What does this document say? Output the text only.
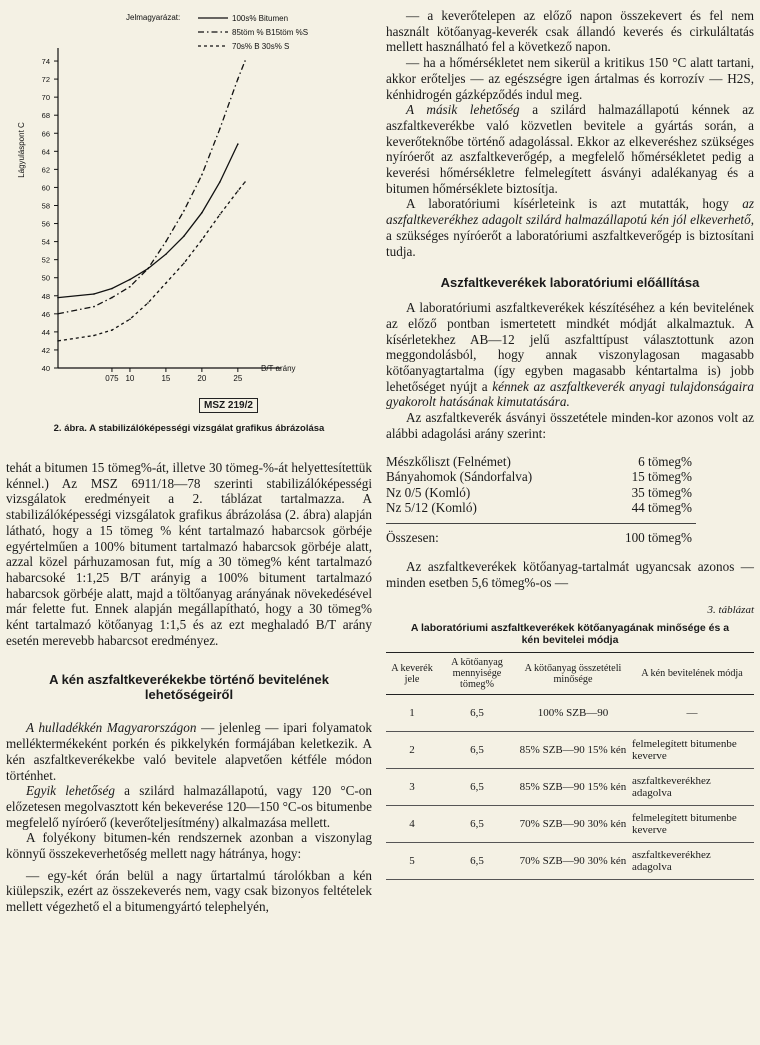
40
42
44
46
48
50
52
54
56
58
60
62
64
66
68
70
72
74
075 10	15	20	25
Lágyuláspont C
B/T arány
Jelmagyarázat:	100s% Bitumen
85töm % B15töm %S
70s% B 30s% S
MSZ 219/2
2. ábra. A stabilizálóképességi vizsgálat grafikus ábrázolása

tehát a bitumen 15 tömeg%-át, illetve 30 tömeg-%-át helyettesítettük kénnel.) Az MSZ 6911/18—78 szerinti stabilizálóképességi vizsgálatok eredményeit a 2. táblázat tartalmazza. A stabilizálóképességi vizsgálatok grafikus ábrázolása (2. ábra) alapján látható, hogy a 15 tömeg % ként tartalmazó habarcsok görbéje egyértelműen a 100% bitument tartalmazó habarcsok görbéje alatt, azzal közel párhuzamosan fut, míg a 30 tömeg% ként tartalmazó habarcsoké 1:1,25 B/T arányig a 100% bitument tartalmazó habarcsok görbéje alatt, majd a töltőanyag arányának növekedésével már felette fut. Ennek alapján megállapítható, hogy a 30 tömeg% ként tartalmazó kötőanyag 1:1,5 és az ezt meghaladó B/T arány esetén merevebb habarcsot eredményez.

A kén aszfaltkeverékekbe történő bevitelének lehetőségeiről

A hulladékkén Magyarországon — jelenleg — ipari folyamatok melléktermékeként porkén és pikkelykén formájában keletkezik. A kén aszfaltkeverékekbe való bevitele alapvetően kétféle módon történhet.

Egyik lehetőség a szilárd halmazállapotú, vagy 120 °C-on előzetesen megolvasztott kén bekeverése 120—150 °C-os bitumenbe megfelelő nyíróerő (keverőteljesítmény) alkalmazása mellett.

A folyékony bitumen-kén rendszernek azonban a viszonylag könnyű összekeverhetőség mellett nagy hátránya, hogy:

— egy-két órán belül a nagy űrtartalmú tárolókban a kén kiülepszik, ezért az összekeverés nem, vagy csak bizonyos feltételek mellett végezhető el a bitumengyártó telephelyén,

— a keverőtelepen az előző napon összekevert és fel nem használt kötőanyag-keverék csak állandó keverés és cirkuláltatás mellett használható fel a következő napon.

— ha a hőmérsékletet nem sikerül a kritikus 150 °C alatt tartani, akkor erőteljes — az egészségre igen ártalmas és korrozív — H2S, kénhidrogén gázképződés indul meg.

A másik lehetőség a szilárd halmazállapotú kénnek az aszfaltkeverékbe való közvetlen bevitele a gyártás során, a keverőteknőbe történő adagolással. Ekkor az elkeveréshez szükséges nyíróerőt az aszfaltkeverőgép, a megfelelő hőmérsékletet pedig a keverési hőmérsékletre felmelegített ásványi adalékanyag és a bitumen hőmérséklete biztosítja.

A laboratóriumi kísérleteink is azt mutatták, hogy az aszfaltkeverékhez adagolt szilárd halmazállapotú kén jól elkeverhető, a szükséges nyíróerőt a laboratóriumi aszfaltkeverőgép is biztosítani tudja.

Aszfaltkeverékek laboratóriumi előállítása

A laboratóriumi aszfaltkeverékek készítéséhez a kén bevitelének az előző pontban ismertetett mindkét módját alkalmaztuk. A kísérletekhez AB—12 jelű aszfalttípust választottunk azon meggondolásból, hogy annak viszonylagosan magasabb kötőanyagtartalma (így egyben magasabb kéntartalma is) jobb lehetőséget nyújt a kénnek az aszfaltkeverék anyagi tulajdonságaira gyakorolt hatásának kimutatására.

Az aszfaltkeverék ásványi összetétele minden-kor azonos volt az alábbi adagolási arány szerint:

Mészkőliszt (Felnémet)	6 tömeg%
Bányahomok (Sándorfalva)	15 tömeg%
Nz 0/5 (Komló)	35 tömeg%
Nz 5/12 (Komló)	44 tömeg%
Összesen:	100 tömeg%

Az aszfaltkeverékek kötőanyag-tartalmát ugyancsak azonos — minden esetben 5,6 tömeg%-os —

3. táblázat
A laboratóriumi aszfaltkeverékek kötőanyagának minősége és a kén bevitelei módja
A keverék jele	A kötőanyag mennyisége tömeg%	A kötőanyag összetételi minősége	A kén bevitelének módja
1	6,5	100% SZB—90	—
2	6,5	85% SZB—90 15% kén	felmelegített bitumenbe keverve
3	6,5	85% SZB—90 15% kén	aszfaltkeverékhez adagolva
4	6,5	70% SZB—90 30% kén	felmelegített bitumenbe keverve
5	6,5	70% SZB—90 30% kén	aszfaltkeverékhez adagolva
